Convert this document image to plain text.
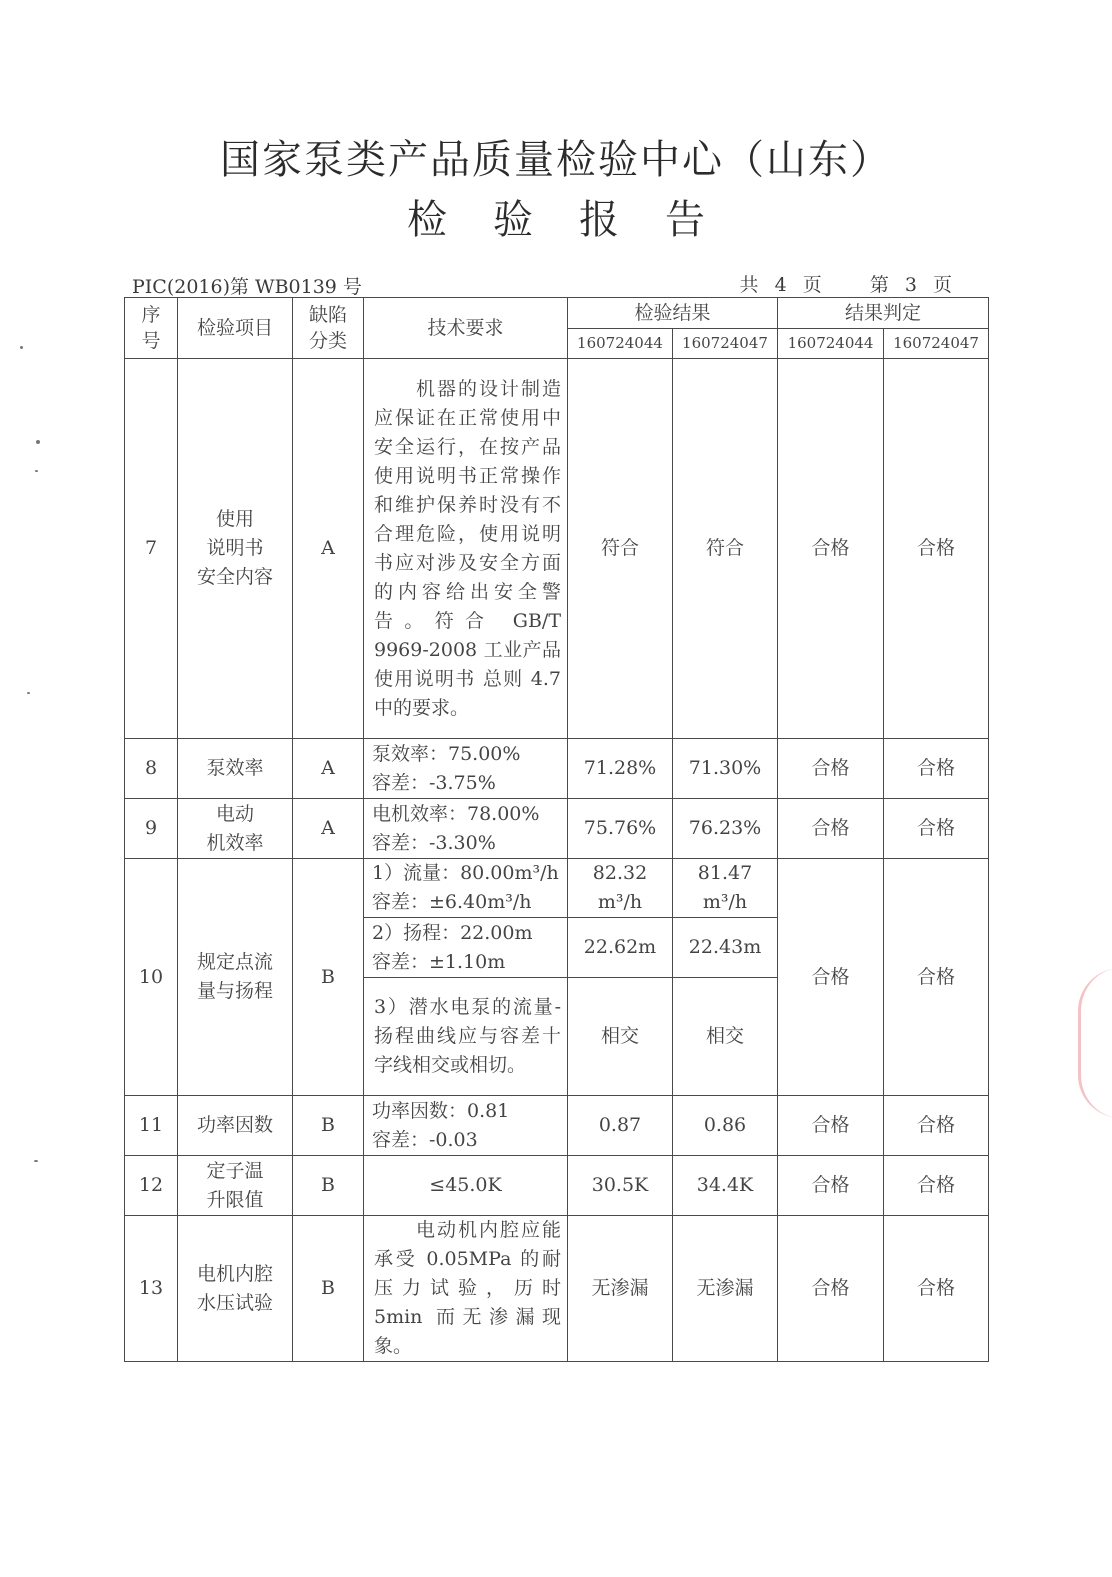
国家泵类产品质量检验中心（山东）
检验报告
PIC(2016)第 WB0139 号	共 4 页   第 3 页
序
号	检验项目	缺陷
分类	技术要求	检验结果		结果判定	
				160724044	160724047	160724044	160724047
7	使用
说明书
安全内容	A	　　机器的设计制造应保证在正常使用中安全运行，在按产品使用说明书正常操作和维护保养时没有不合理危险，使用说明书应对涉及安全方面的内容给出安全警告。符合 GB/T 9969-2008 工业产品使用说明书 总则 4.7 中的要求。	符合	符合	合格	合格
8	泵效率	A	泵效率：75.00%
容差：-3.75%	71.28%	71.30%	合格	合格
9	电动
机效率	A	电机效率：78.00%
容差：-3.30%	75.76%	76.23%	合格	合格
10	规定点流
量与扬程	B	1）流量：80.00m³/h
容差：±6.40m³/h	82.32
m³/h	81.47
m³/h	合格	合格
			2）扬程：22.00m
容差：±1.10m	22.62m	22.43m		
			3）潜水电泵的流量-扬程曲线应与容差十字线相交或相切。	相交	相交		
11	功率因数	B	功率因数：0.81
容差：-0.03	0.87	0.86	合格	合格
12	定子温
升限值	B	≤45.0K	30.5K	34.4K	合格	合格
13	电机内腔
水压试验	B	　　电动机内腔应能承受 0.05MPa 的耐压力试验，历时 5min 而无渗漏现象。	无渗漏	无渗漏	合格	合格
